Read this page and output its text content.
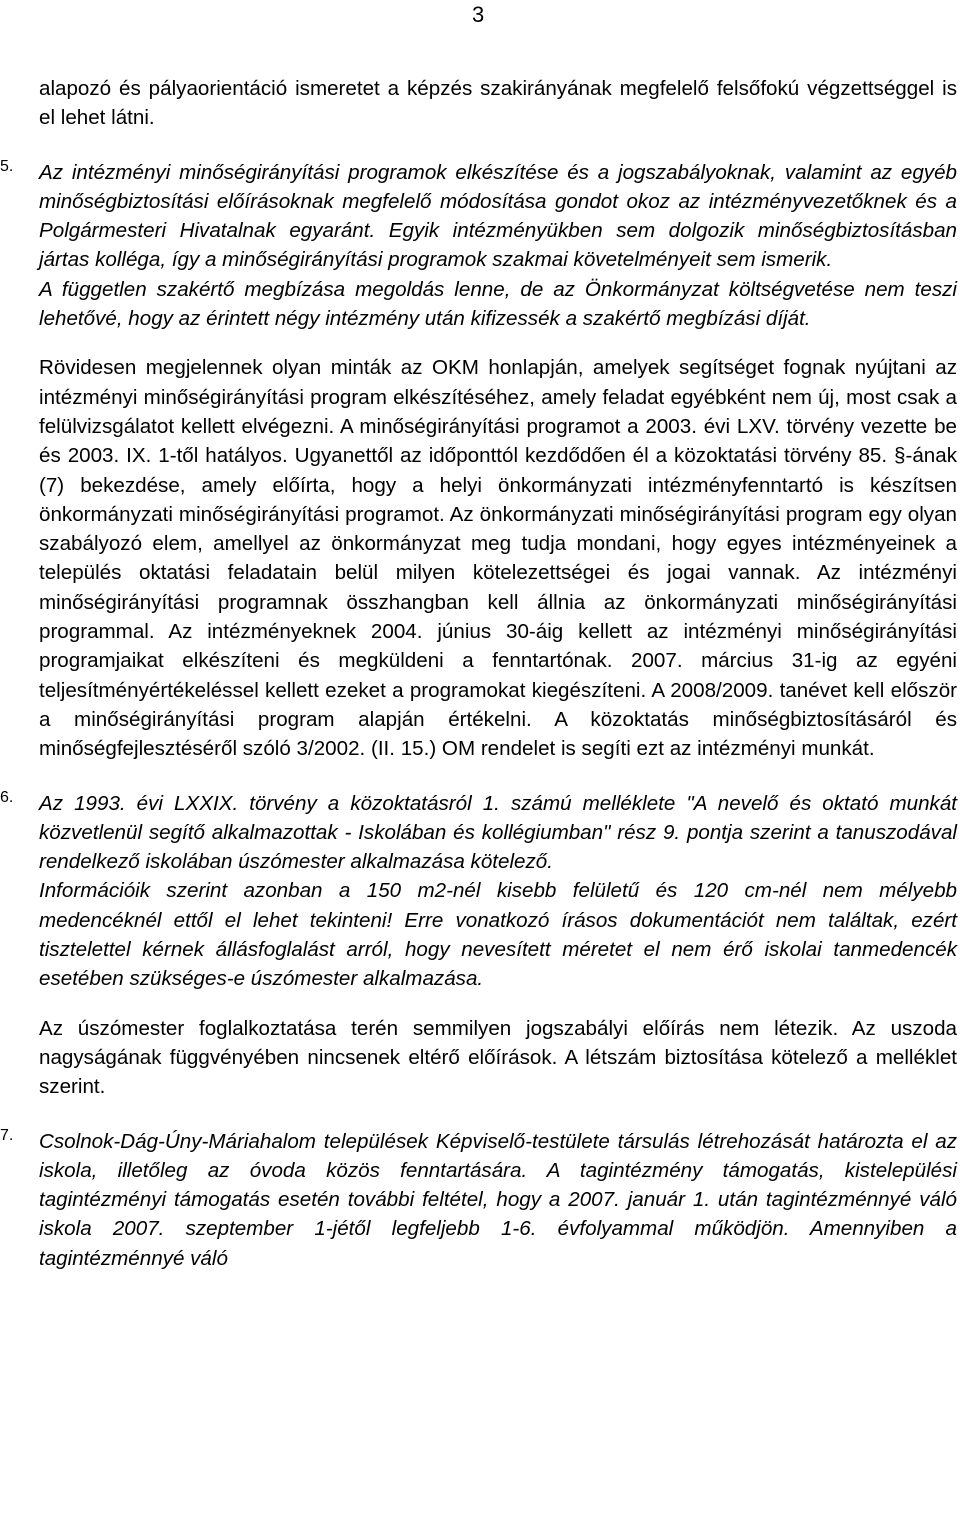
3

alapozó és pályaorientáció ismeretet a képzés szakirányának megfelelő felsőfokú végzettséggel is el lehet látni.

5. Az intézményi minőségirányítási programok elkészítése és a jogszabályoknak, valamint az egyéb minőségbiztosítási előírásoknak megfelelő módosítása gondot okoz az intézményvezetőknek és a Polgármesteri Hivatalnak egyaránt. Egyik intézményükben sem dolgozik minőségbiztosításban jártas kolléga, így a minőségirányítási programok szakmai követelményeit sem ismerik.

A független szakértő megbízása megoldás lenne, de az Önkormányzat költségvetése nem teszi lehetővé, hogy az érintett négy intézmény után kifizessék a szakértő megbízási díját.

Rövidesen megjelennek olyan minták az OKM honlapján, amelyek segítséget fognak nyújtani az intézményi minőségirányítási program elkészítéséhez, amely feladat egyébként nem új, most csak a felülvizsgálatot kellett elvégezni. A minőségirányítási programot a 2003. évi LXV. törvény vezette be és 2003. IX. 1-től hatályos. Ugyanettől az időponttól kezdődően él a közoktatási törvény 85. §-ának (7) bekezdése, amely előírta, hogy a helyi önkormányzati intézményfenntartó is készítsen önkormányzati minőségirányítási programot. Az önkormányzati minőségirányítási program egy olyan szabályozó elem, amellyel az önkormányzat meg tudja mondani, hogy egyes intézményeinek a település oktatási feladatain belül milyen kötelezettségei és jogai vannak. Az intézményi minőségirányítási programnak összhangban kell állnia az önkormányzati minőségirányítási programmal. Az intézményeknek 2004. június 30-áig kellett az intézményi minőségirányítási programjaikat elkészíteni és megküldeni a fenntartónak. 2007. március 31-ig az egyéni teljesítményértékeléssel kellett ezeket a programokat kiegészíteni. A 2008/2009. tanévet kell először a minőségirányítási program alapján értékelni. A közoktatás minőségbiztosításáról és minőségfejlesztéséről szóló 3/2002. (II. 15.) OM rendelet is segíti ezt az intézményi munkát.

6. Az 1993. évi LXXIX. törvény a közoktatásról 1. számú melléklete "A nevelő és oktató munkát közvetlenül segítő alkalmazottak - Iskolában és kollégiumban" rész 9. pontja szerint a tanuszodával rendelkező iskolában úszómester alkalmazása kötelező.

Információik szerint azonban a 150 m2-nél kisebb felületű és 120 cm-nél nem mélyebb medencéknél ettől el lehet tekinteni! Erre vonatkozó írásos dokumentációt nem találtak, ezért tisztelettel kérnek állásfoglalást arról, hogy nevesített méretet el nem érő iskolai tanmedencék esetében szükséges-e úszómester alkalmazása.

Az úszómester foglalkoztatása terén semmilyen jogszabályi előírás nem létezik. Az uszoda nagyságának függvényében nincsenek eltérő előírások. A létszám biztosítása kötelező a melléklet szerint.

7. Csolnok-Dág-Úny-Máriahalom települések Képviselő-testülete társulás létrehozását határozta el az iskola, illetőleg az óvoda közös fenntartására. A tagintézmény támogatás, kistelepülési tagintézményi támogatás esetén további feltétel, hogy a 2007. január 1. után tagintézménnyé váló iskola 2007. szeptember 1-jétől legfeljebb 1-6. évfolyammal működjön. Amennyiben a tagintézménnyé váló
